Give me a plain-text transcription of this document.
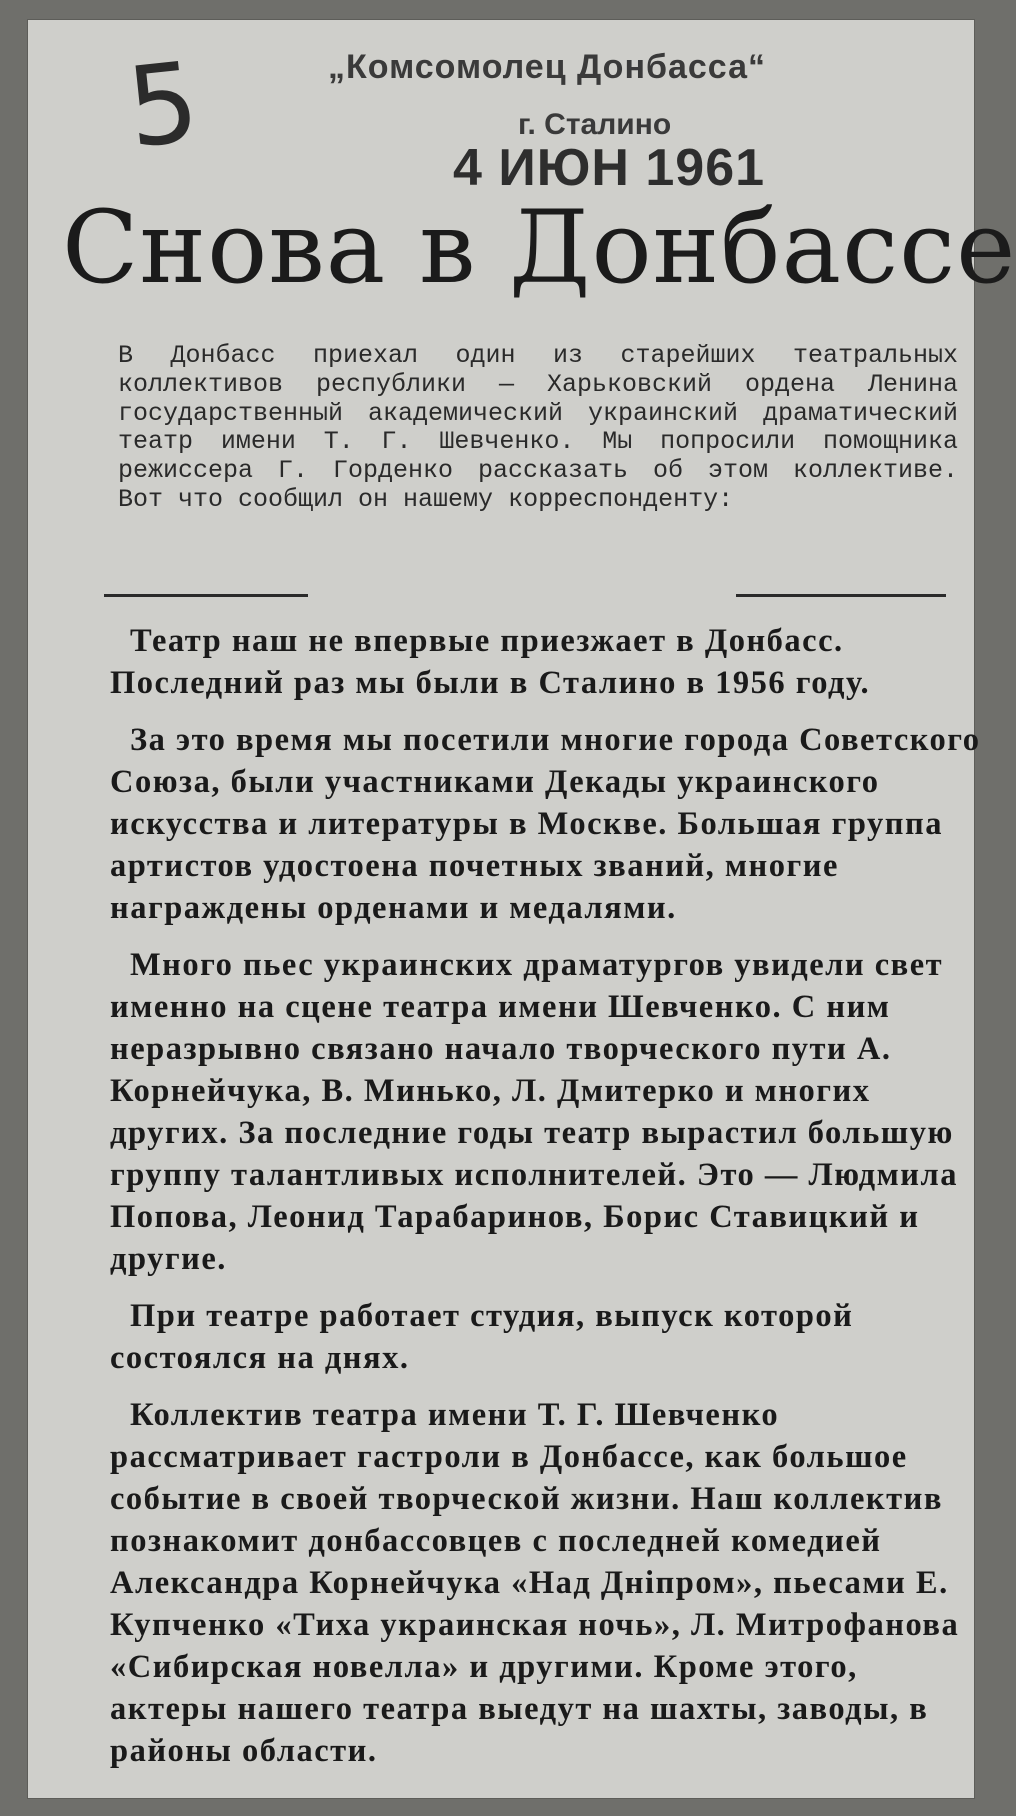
5	„Комсомолец Донбасса“
г. Сталино
4 ИЮН 1961
Снова в Донбассе

В Донбасс приехал один из старейших театральных коллективов республики — Харьковский ордена Ленина государственный академический украинский драматический театр имени Т. Г. Шевченко. Мы попросили помощника режиссера Г. Горденко рассказать об этом коллективе. Вот что сообщил он нашему корреспонденту:

Театр наш не впервые приезжает в Донбасс. Последний раз мы были в Сталино в 1956 году.

За это время мы посетили многие города Советского Союза, были участниками Декады украинского искусства и литературы в Москве. Большая группа артистов удостоена почетных званий, многие награждены орденами и медалями.

Много пьес украинских драматургов увидели свет именно на сцене театра имени Шевченко. С ним неразрывно связано начало творческого пути А. Корнейчука, В. Минько, Л. Дмитерко и многих других. За последние годы театр вырастил большую группу талантливых исполнителей. Это — Людмила Попова, Леонид Тарабаринов, Борис Ставицкий и другие.

При театре работает студия, выпуск которой состоялся на днях.

Коллектив театра имени Т. Г. Шевченко рассматривает гастроли в Донбассе, как большое событие в своей творческой жизни. Наш коллектив познакомит донбассовцев с последней комедией Александра Корнейчука «Над Дніпром», пьесами Е. Купченко «Тиха украинская ночь», Л. Митрофанова «Сибирская новелла» и другими. Кроме этого, актеры нашего театра выедут на шахты, заводы, в районы области.
